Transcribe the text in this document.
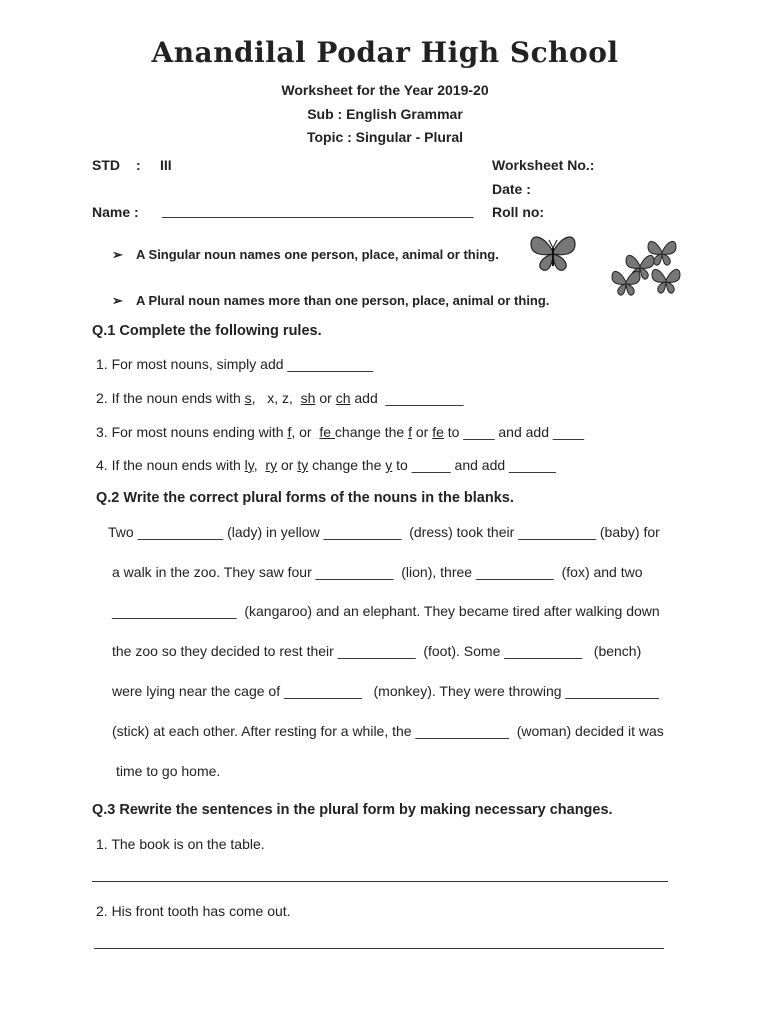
Anandilal Podar High School
Worksheet for the Year 2019-20
Sub : English Grammar
Topic : Singular - Plural
STD : III	Worksheet No.:
Date :
Name : ________________________________________	Roll no:
➢ A Singular noun names one person, place, animal or thing.
➢ A Plural noun names more than one person, place, animal or thing.
Q.1 Complete the following rules.
1. For most nouns, simply add ___________
2. If the noun ends with s,   x, z,  sh or ch add  __________
3. For most nouns ending with f, or  fe change the f or fe to ____ and add ____
4. If the noun ends with ly,  ry or ty change the y to _____ and add ______
Q.2 Write the correct plural forms of the nouns in the blanks.
Two ___________ (lady) in yellow __________  (dress) took their __________ (baby) for
a walk in the zoo. They saw four __________  (lion), three __________  (fox) and two
________________  (kangaroo) and an elephant. They became tired after walking down
the zoo so they decided to rest their __________  (foot). Some __________   (bench)
were lying near the cage of __________   (monkey). They were throwing ____________
(stick) at each other. After resting for a while, the ____________  (woman) decided it was
time to go home.
Q.3 Rewrite the sentences in the plural form by making necessary changes.
1. The book is on the table.
2. His front tooth has come out.
